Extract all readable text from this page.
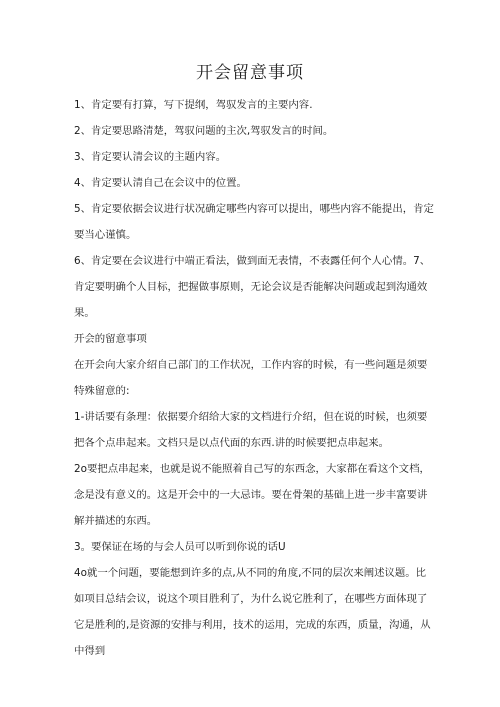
开会留意事项

1、肯定要有打算，写下提纲，驾驭发言的主要内容.

2、肯定要思路清楚，驾驭问题的主次,驾驭发言的时间。

3、肯定要认清会议的主题内容。

4、肯定要认清自己在会议中的位置。

5、肯定要依据会议进行状况确定哪些内容可以提出，哪些内容不能提出，肯定要当心谨慎。

6、肯定要在会议进行中端正看法，做到面无表情，不表露任何个人心情。7、肯定要明确个人目标，把握做事原则，无论会议是否能解决问题或起到沟通效果。

开会的留意事项

在开会向大家介绍自己部门的工作状况，工作内容的时候，有一些问题是须要特殊留意的:

1-讲话要有条理：依据要介绍给大家的文档进行介绍，但在说的时候，也须要把各个点串起来。文档只是以点代面的东西.讲的时候要把点串起来。

2o要把点串起来，也就是说不能照着自己写的东西念，大家都在看这个文档，念是没有意义的。这是开会中的一大忌讳。要在骨架的基础上进一步丰富要讲解并描述的东西。

3。要保证在场的与会人员可以听到你说的话U

4o就一个问题，要能想到许多的点,从不同的角度,不同的层次来阐述议题。比如项目总结会议，说这个项目胜利了，为什么说它胜利了，在哪些方面体现了它是胜利的,是资源的安排与利用，技术的运用，完成的东西，质量，沟通，从中得到
